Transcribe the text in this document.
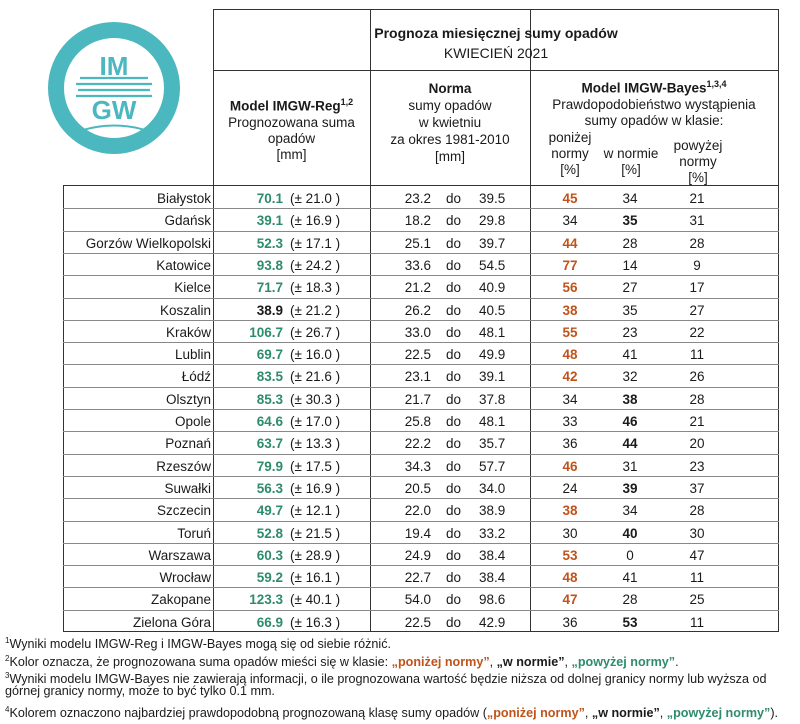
IM
GW
Prognoza miesięcznej sumy opadów
KWIECIEŃ 2021
Model IMGW-Reg$^{1,2}$
Prognozowana suma
opadów
[mm]
Norma
sumy opadów
w kwietniu
za okres 1981-2010
[mm]
Model IMGW-Bayes$^{1,3,4}$
Prawdopodobieństwo wystąpienia
sumy opadów w klasie:
poniżej
normy
[%]
w normie
[%]
powyżej
normy
[%]
Białystok	70.1 (± 21.0 )	23.2 do 39.5	45	34	21
Gdańsk	39.1 (± 16.9 )	18.2 do 29.8	34	35	31
Gorzów Wielkopolski	52.3 (± 17.1 )	25.1 do 39.7	44	28	28
Katowice	93.8 (± 24.2 )	33.6 do 54.5	77	14	9
Kielce	71.7 (± 18.3 )	21.2 do 40.9	56	27	17
Koszalin	38.9 (± 21.2 )	26.2 do 40.5	38	35	27
Kraków	106.7 (± 26.7 )	33.0 do 48.1	55	23	22
Lublin	69.7 (± 16.0 )	22.5 do 49.9	48	41	11
Łódź	83.5 (± 21.6 )	23.1 do 39.1	42	32	26
Olsztyn	85.3 (± 30.3 )	21.7 do 37.8	34	38	28
Opole	64.6 (± 17.0 )	25.8 do 48.1	33	46	21
Poznań	63.7 (± 13.3 )	22.2 do 35.7	36	44	20
Rzeszów	79.9 (± 17.5 )	34.3 do 57.7	46	31	23
Suwałki	56.3 (± 16.9 )	20.5 do 34.0	24	39	37
Szczecin	49.7 (± 12.1 )	22.0 do 38.9	38	34	28
Toruń	52.8 (± 21.5 )	19.4 do 33.2	30	40	30
Warszawa	60.3 (± 28.9 )	24.9 do 38.4	53	0	47
Wrocław	59.2 (± 16.1 )	22.7 do 38.4	48	41	11
Zakopane	123.3 (± 40.1 )	54.0 do 98.6	47	28	25
Zielona Góra	66.9 (± 16.3 )	22.5 do 42.9	36	53	11
$^1$Wyniki modelu IMGW-Reg i IMGW-Bayes mogą się od siebie różnić.
$^2$Kolor oznacza, że prognozowana suma opadów mieści się w klasie: „poniżej normy”, „w normie”, „powyżej normy”.
$^3$Wyniki modelu IMGW-Bayes nie zawierają informacji, o ile prognozowana wartość będzie niższa od dolnej granicy normy lub wyższa od
górnej granicy normy, może to być tylko 0.1 mm.
$^4$Kolorem oznaczono najbardziej prawdopodobną prognozowaną klasę sumy opadów („poniżej normy”, „w normie”, „powyżej normy”).
